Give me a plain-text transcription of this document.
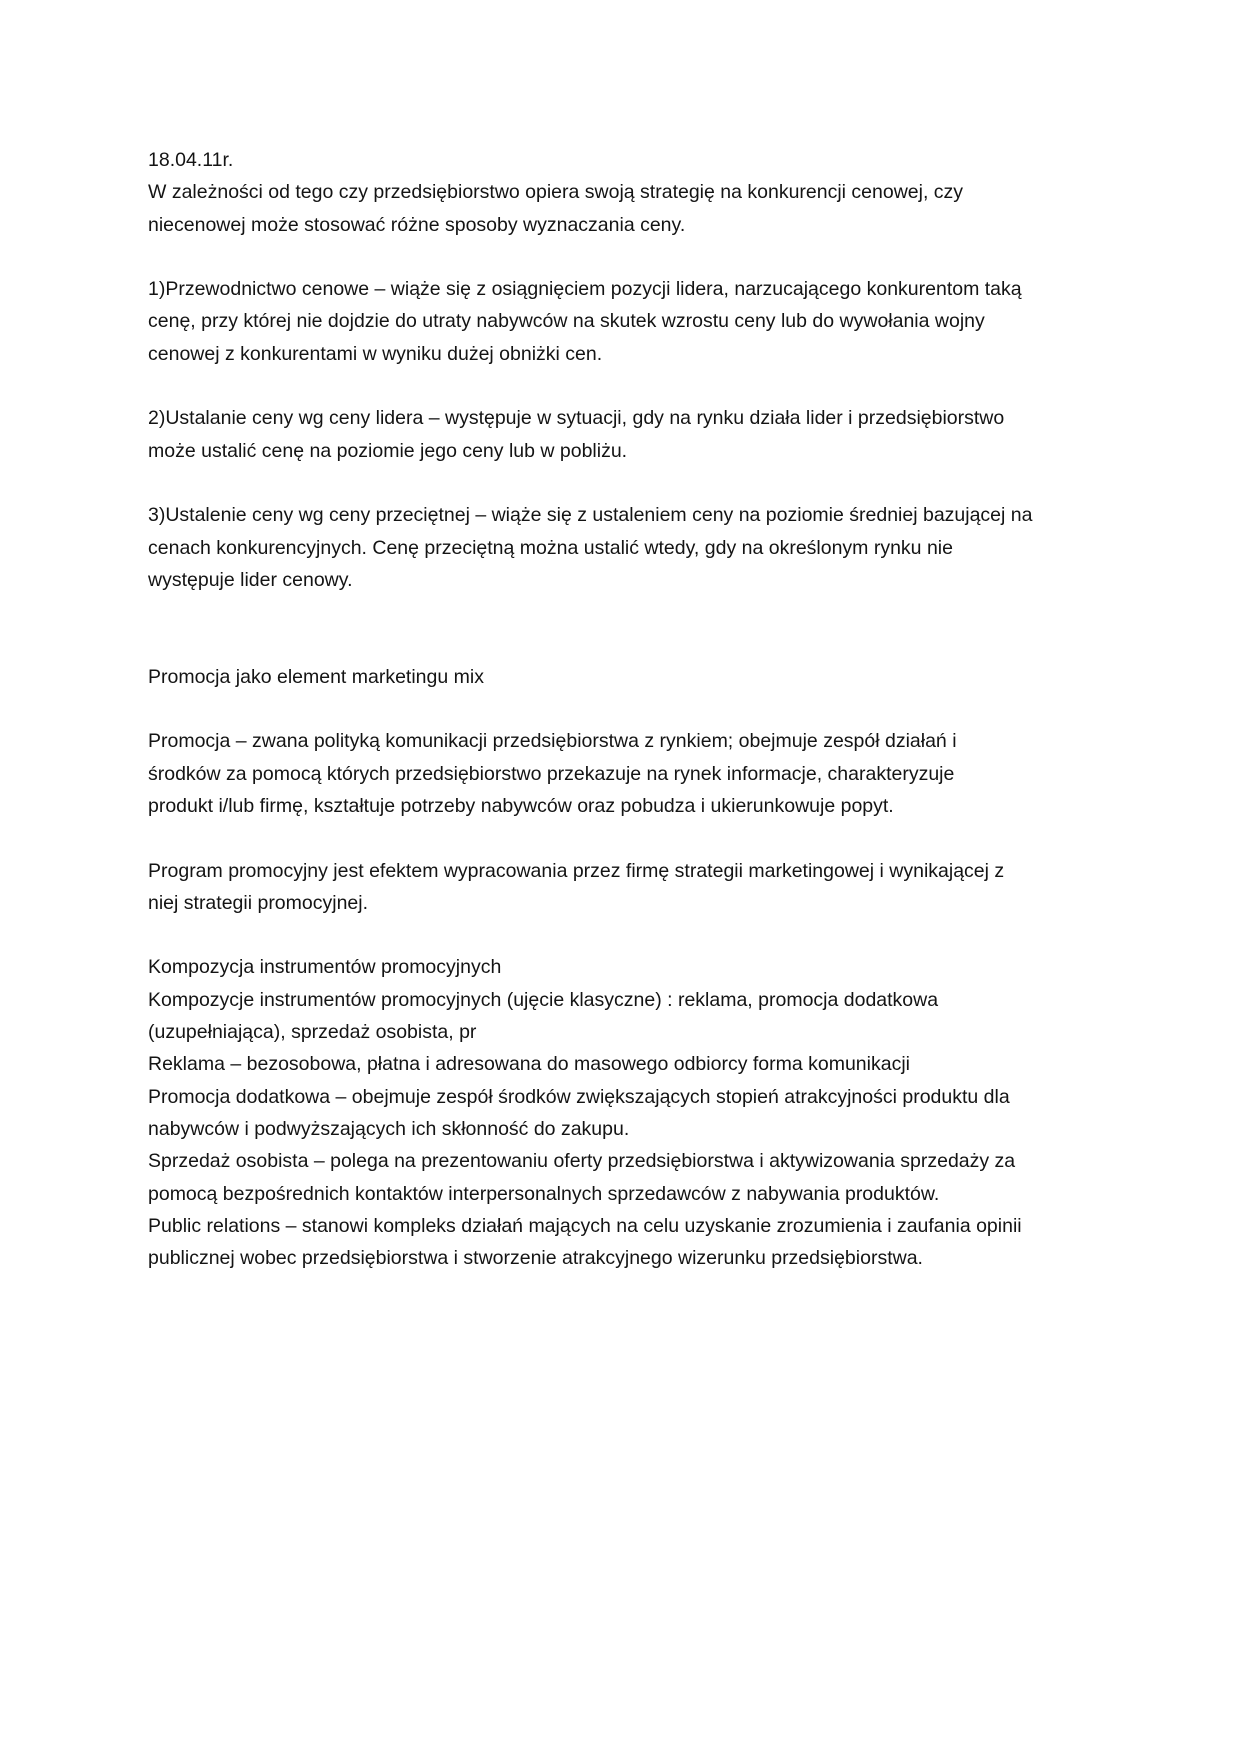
18.04.11r.
W zależności od tego czy przedsiębiorstwo opiera swoją strategię na konkurencji cenowej, czy
niecenowej może stosować różne sposoby wyznaczania ceny.
1)Przewodnictwo cenowe – wiąże się z osiągnięciem pozycji lidera, narzucającego konkurentom taką
cenę, przy której nie dojdzie do utraty nabywców na skutek wzrostu ceny lub do wywołania wojny
cenowej z konkurentami w wyniku dużej obniżki cen.
2)Ustalanie ceny wg ceny lidera – występuje w sytuacji, gdy na rynku działa lider i przedsiębiorstwo
może ustalić cenę na poziomie jego ceny lub w pobliżu.
3)Ustalenie ceny wg ceny przeciętnej – wiąże się z ustaleniem ceny na poziomie średniej bazującej na
cenach konkurencyjnych. Cenę przeciętną można ustalić wtedy, gdy na określonym rynku nie
występuje lider cenowy.
Promocja jako element marketingu mix
Promocja – zwana polityką komunikacji przedsiębiorstwa z rynkiem; obejmuje zespół działań i
środków za pomocą których przedsiębiorstwo przekazuje na rynek informacje, charakteryzuje
produkt i/lub firmę, kształtuje potrzeby nabywców oraz pobudza i ukierunkowuje popyt.
Program promocyjny jest efektem wypracowania przez firmę strategii marketingowej i wynikającej z
niej strategii promocyjnej.
Kompozycja instrumentów promocyjnych
Kompozycje instrumentów promocyjnych (ujęcie klasyczne) : reklama, promocja dodatkowa
(uzupełniająca), sprzedaż osobista, pr
Reklama – bezosobowa, płatna i adresowana do masowego odbiorcy forma komunikacji
Promocja dodatkowa – obejmuje zespół środków zwiększających stopień atrakcyjności produktu dla
nabywców i podwyższających ich skłonność do zakupu.
Sprzedaż osobista – polega na prezentowaniu oferty przedsiębiorstwa i aktywizowania sprzedaży za
pomocą bezpośrednich kontaktów interpersonalnych sprzedawców z nabywania produktów.
Public relations – stanowi kompleks działań mających na celu uzyskanie zrozumienia i zaufania opinii
publicznej wobec przedsiębiorstwa i stworzenie atrakcyjnego wizerunku przedsiębiorstwa.
